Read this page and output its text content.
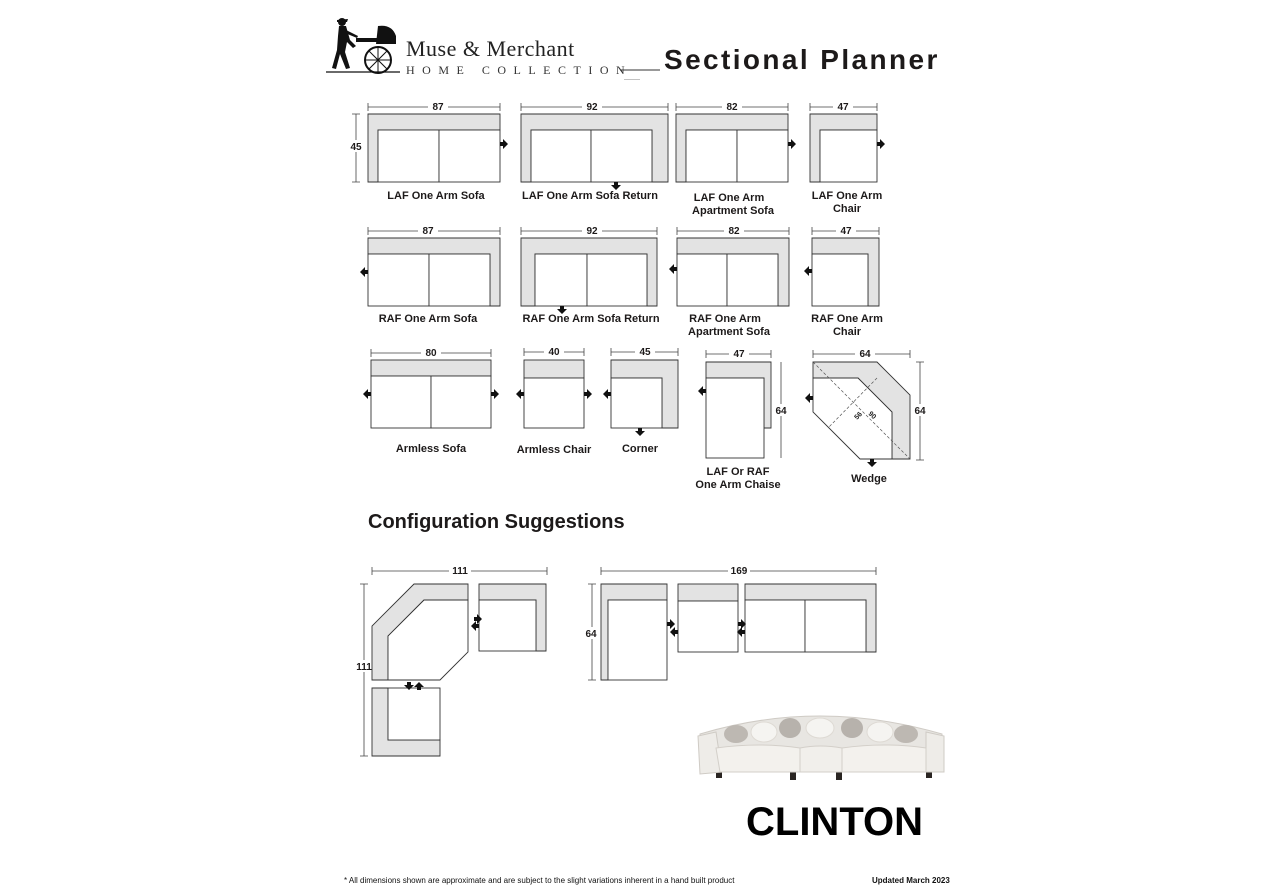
Muse & Merchant
HOME COLLECTION Sectional Planner
87
45
LAF One Arm Sofa
92
LAF One Arm Sofa Return
82
LAF One Arm
Apartment Sofa
47
LAF One Arm
Chair
87
RAF One Arm Sofa
92
RAF One Arm Sofa Return
82
RAF One Arm
Apartment Sofa
47
RAF One Arm
Chair
80
Armless Sofa
40
Armless Chair
45
Corner
47
64
LAF Or RAF
One Arm Chaise
64
64
56 90
Wedge
111
111
169
64
Configuration Suggestions
CLINTON
* All dimensions shown are approximate and are subject to the slight variations inherent in a hand built product	Updated March 2023
